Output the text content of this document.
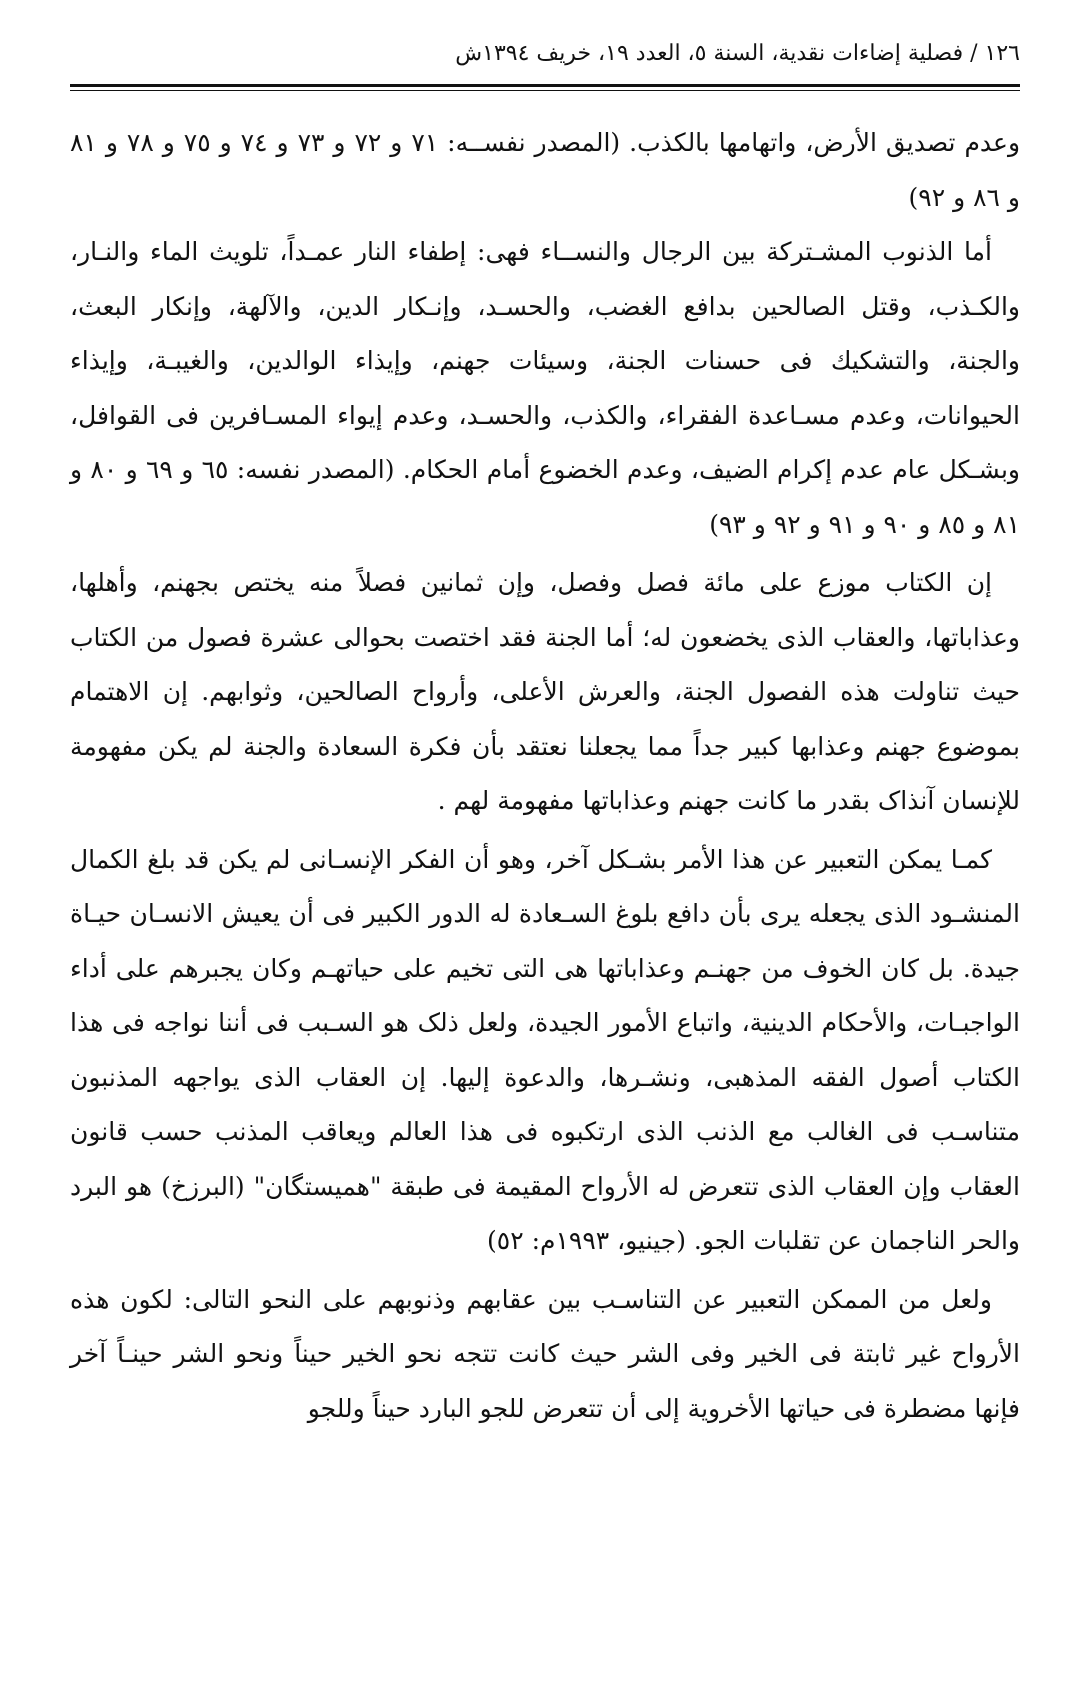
١٢٦ / فصلية إضاءات نقدية، السنة ٥، العدد ١٩، خريف ١٣٩٤ش

وعدم تصديق الأرض، واتهامها بالكذب. (المصدر نفســه: ٧١ و ٧٢ و ٧٣ و ٧٤ و ٧٥ و ٧٨ و ٨١ و ٨٦ و ٩٢)

أما الذنوب المشـتركة بين الرجال والنســاء فهى: إطفاء النار عمـداً، تلويث الماء والنـار، والكـذب، وقتل الصالحين بدافع الغضب، والحسـد، وإنـكار الدين، والآلهة، وإنكار البعث، والجنة، والتشكيك فى حسنات الجنة، وسيئات جهنم، وإيذاء الوالدين، والغيبـة، وإيذاء الحيوانات، وعدم مسـاعدة الفقراء، والكذب، والحسـد، وعدم إيواء المسـافرين فى القوافل، وبشـكل عام عدم إكرام الضيف، وعدم الخضوع أمام الحكام. (المصدر نفسه: ٦٥ و ٦٩ و ٨٠ و ٨١ و ٨٥ و ٩٠ و ٩١ و ٩٢ و ٩٣)

إن الكتاب موزع على مائة فصل وفصل، وإن ثمانين فصلاً منه يختص بجهنم، وأهلها، وعذاباتها، والعقاب الذى يخضعون له؛ أما الجنة فقد اختصت بحوالى عشرة فصول من الكتاب حيث تناولت هذه الفصول الجنة، والعرش الأعلى، وأرواح الصالحين، وثوابهم. إن الاهتمام بموضوع جهنم وعذابها كبير جداً مما يجعلنا نعتقد بأن فكرة السعادة والجنة لم يكن مفهومة للإنسان آنذاک بقدر ما كانت جهنم وعذاباتها مفهومة لهم .

كمـا يمكن التعبير عن هذا الأمر بشـكل آخر، وهو أن الفكر الإنسـانى لم يكن قد بلغ الكمال المنشـود الذى يجعله يرى بأن دافع بلوغ السـعادة له الدور الكبير فى أن يعيش الانسـان حيـاة جيدة. بل كان الخوف من جهنـم وعذاباتها هى التى تخيم على حياتهـم وكان يجبرهم على أداء الواجبـات، والأحكام الدينية، واتباع الأمور الجيدة، ولعل ذلک هو السـبب فى أننا نواجه فى هذا الكتاب أصول الفقه المذهبى، ونشـرها، والدعوة إليها. إن العقاب الذى يواجهه المذنبون متناسـب فى الغالب مع الذنب الذى ارتكبوه فى هذا العالم ويعاقب المذنب حسب قانون العقاب وإن العقاب الذى تتعرض له الأرواح المقيمة فى طبقة "هميستگان" (البرزخ) هو البرد والحر الناجمان عن تقلبات الجو. (جينيو، ١٩٩٣م: ٥٢)

ولعل من الممكن التعبير عن التناسـب بين عقابهم وذنوبهم على النحو التالى: لكون هذه الأرواح غير ثابتة فى الخير وفى الشر حيث كانت تتجه نحو الخير حيناً ونحو الشر حينـاً آخر فإنها مضطرة فى حياتها الأخروية إلى أن تتعرض للجو البارد حيناً وللجو
